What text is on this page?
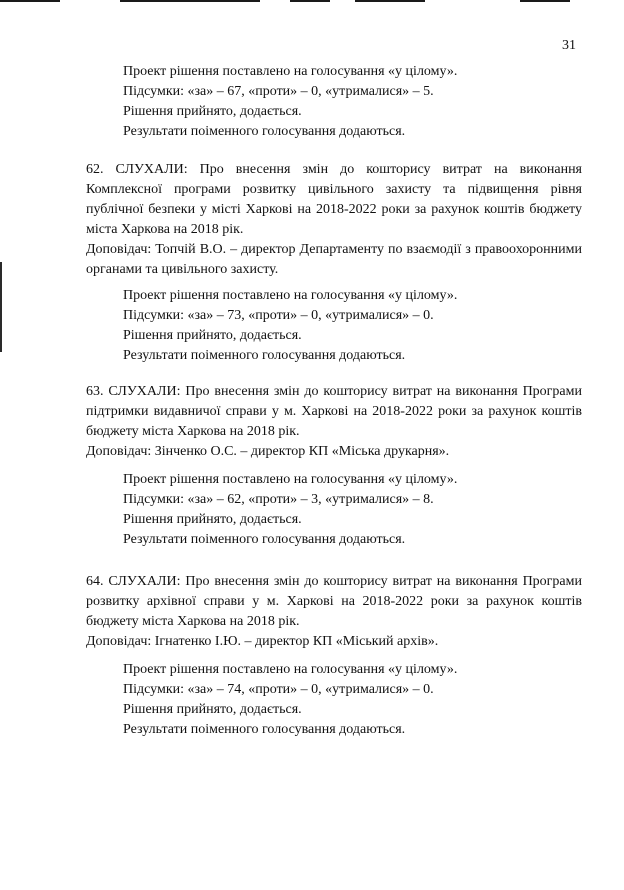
31
Проект рішення поставлено на голосування «у цілому».
Підсумки: «за» – 67, «проти» – 0, «утрималися» – 5.
Рішення прийнято, додається.
Результати поіменного голосування додаються.
62. СЛУХАЛИ: Про внесення змін до кошторису витрат на виконання Комплексної програми розвитку цивільного захисту та підвищення рівня публічної безпеки у місті Харкові на 2018-2022 роки за рахунок коштів бюджету міста Харкова на 2018 рік.
Доповідач: Топчій В.О. – директор Департаменту по взаємодії з правоохоронними органами та цивільного захисту.
Проект рішення поставлено на голосування «у цілому».
Підсумки: «за» – 73, «проти» – 0, «утрималися» – 0.
Рішення прийнято, додається.
Результати поіменного голосування додаються.
63. СЛУХАЛИ: Про внесення змін до кошторису витрат на виконання Програми підтримки видавничої справи у м. Харкові на 2018-2022 роки за рахунок коштів бюджету міста Харкова на 2018 рік.
Доповідач: Зінченко О.С. – директор КП «Міська друкарня».
Проект рішення поставлено на голосування «у цілому».
Підсумки: «за» – 62, «проти» – 3, «утрималися» – 8.
Рішення прийнято, додається.
Результати поіменного голосування додаються.
64. СЛУХАЛИ: Про внесення змін до кошторису витрат на виконання Програми розвитку архівної справи у м. Харкові на 2018-2022 роки за рахунок коштів бюджету міста Харкова на 2018 рік.
Доповідач: Ігнатенко І.Ю. – директор КП «Міський архів».
Проект рішення поставлено на голосування «у цілому».
Підсумки: «за» – 74, «проти» – 0, «утрималися» – 0.
Рішення прийнято, додається.
Результати поіменного голосування додаються.
